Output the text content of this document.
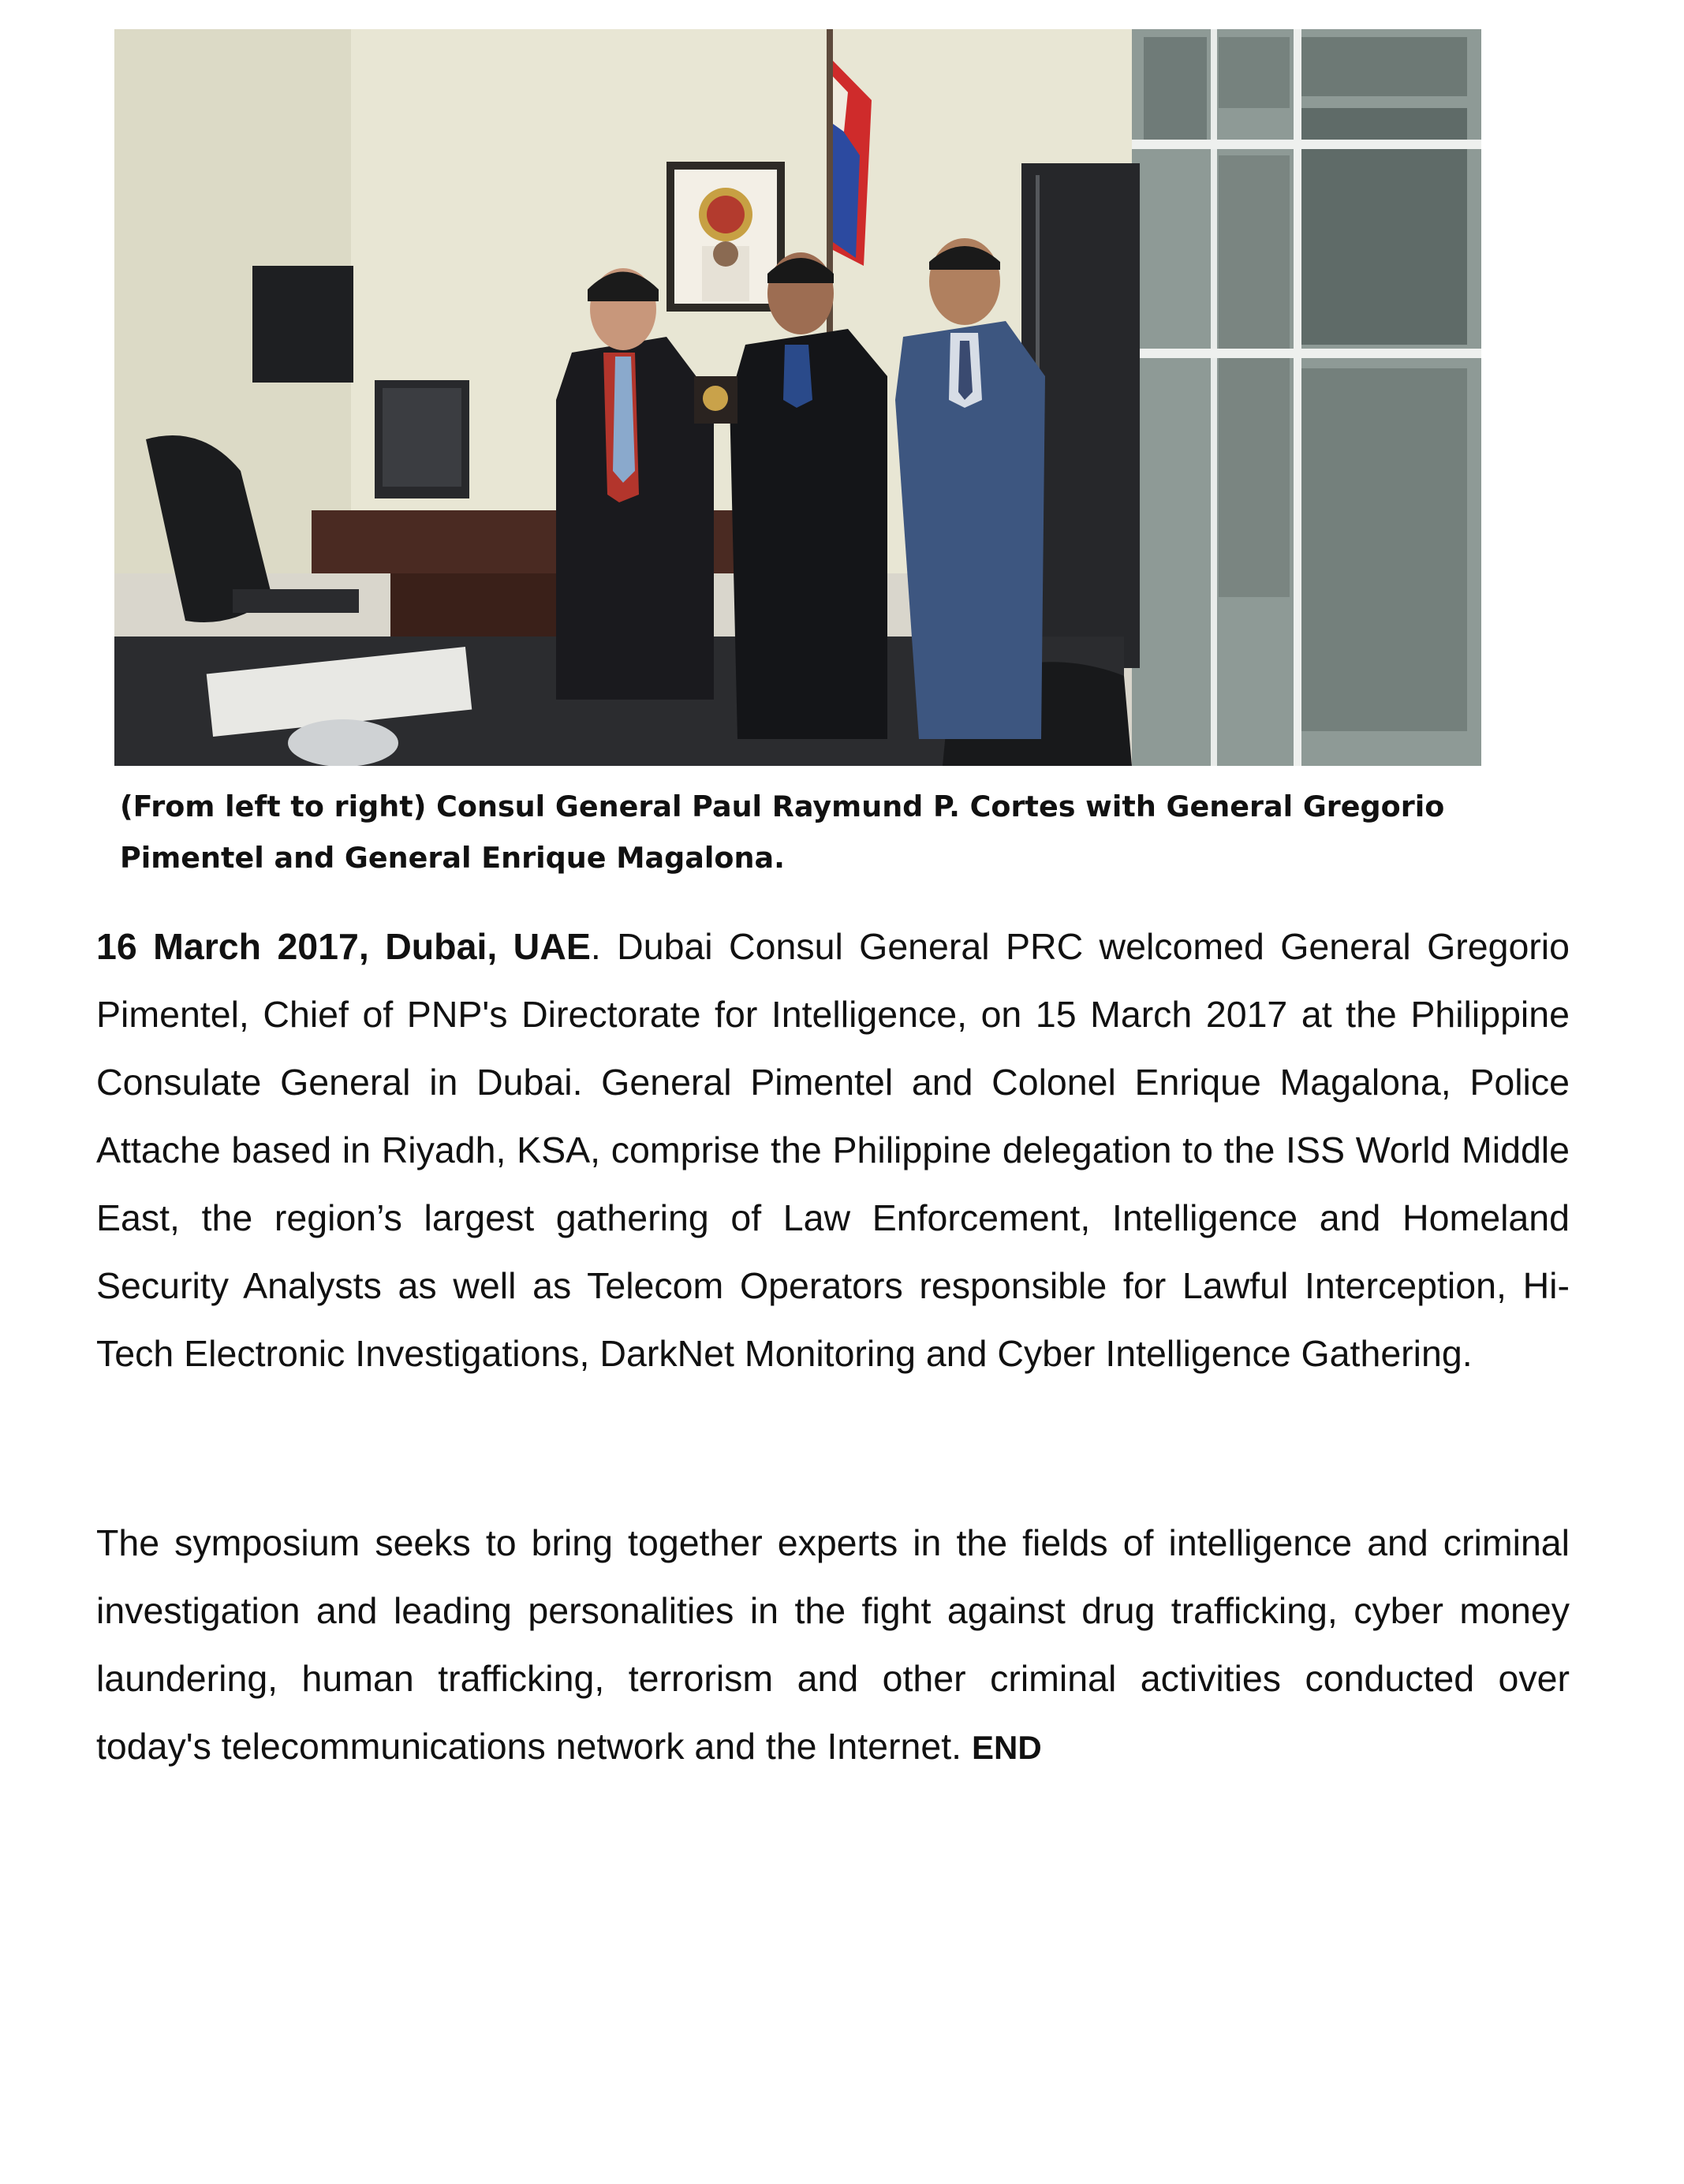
(From left to right) Consul General Paul Raymund P. Cortes with General Gregorio Pimentel and General Enrique Magalona.

16 March 2017, Dubai, UAE. Dubai Consul General PRC welcomed General Gregorio Pimentel, Chief of PNP's Directorate for Intelligence, on 15 March 2017 at the Philippine Consulate General in Dubai. General Pimentel and Colonel Enrique Magalona, Police Attache based in Riyadh, KSA, comprise the Philippine delegation to the ISS World Middle East, the region’s largest gathering of Law Enforcement, Intelligence and Homeland Security Analysts as well as Telecom Operators responsible for Lawful Interception, Hi-Tech Electronic Investigations, DarkNet Monitoring and Cyber Intelligence Gathering.

The symposium seeks to bring together experts in the fields of intelligence and criminal investigation and leading personalities in the fight against drug trafficking, cyber money laundering, human trafficking, terrorism and other criminal activities conducted over today's telecommunications network and the Internet. END
